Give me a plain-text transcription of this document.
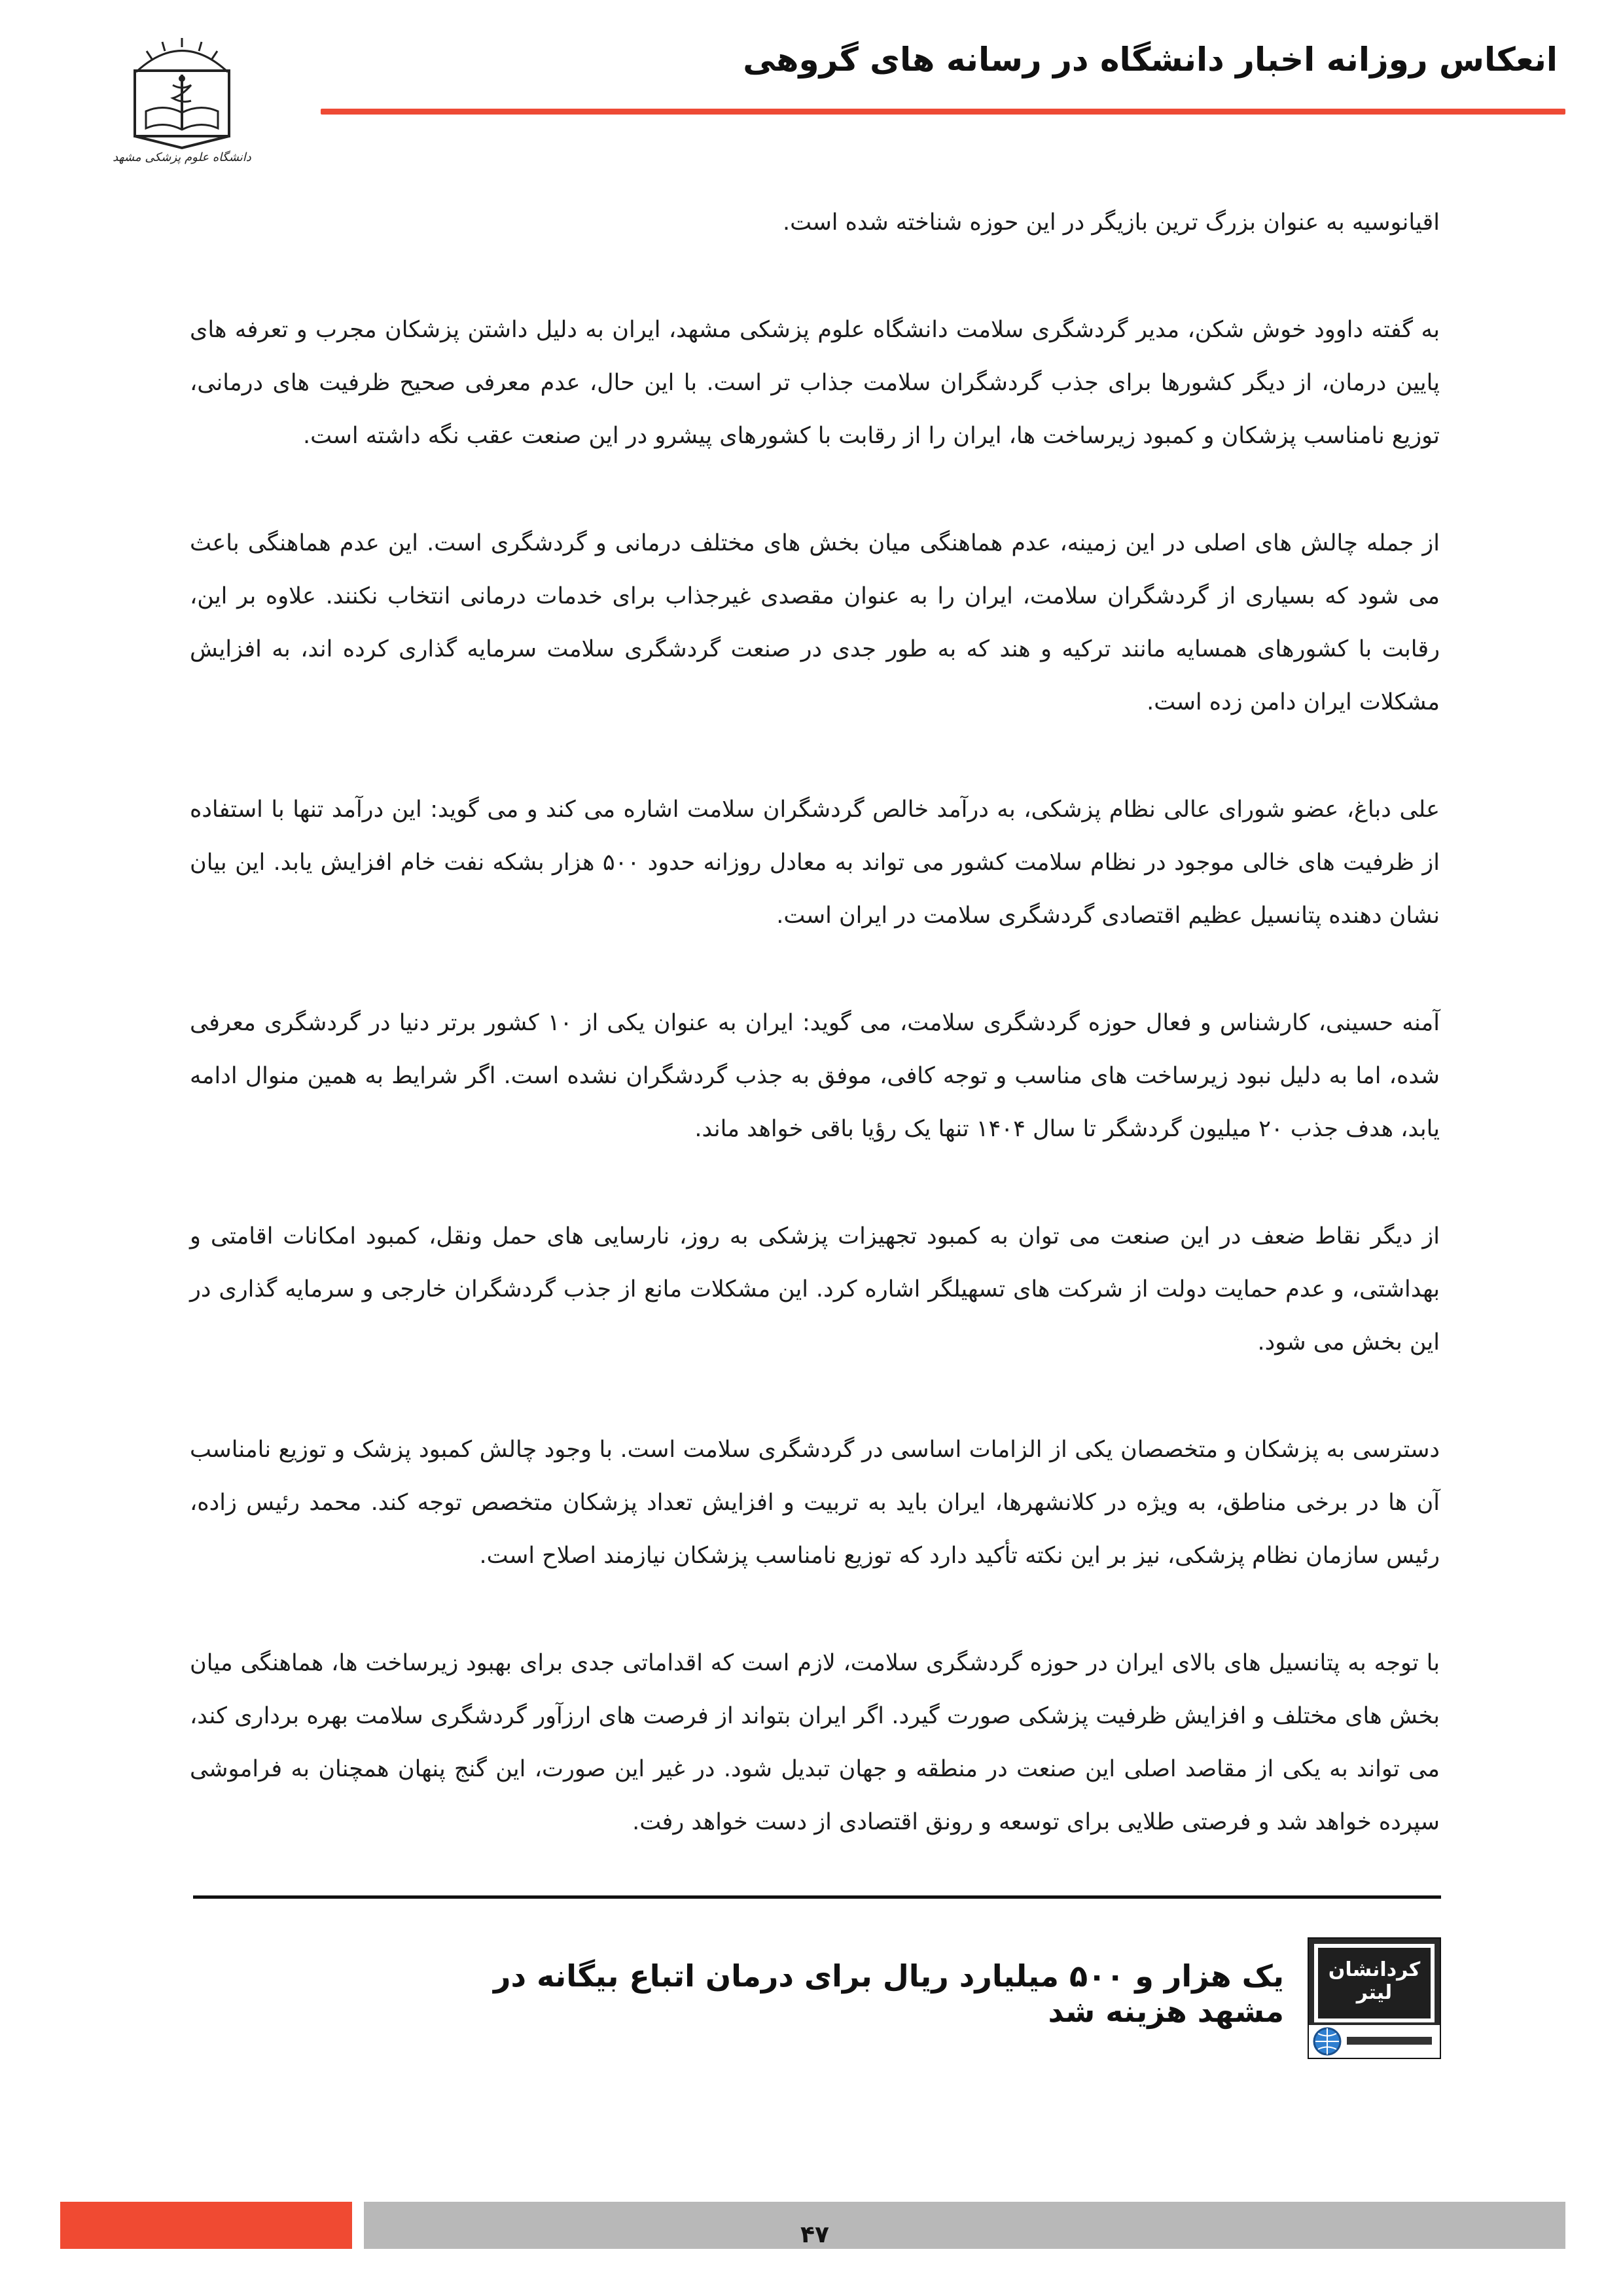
انعکاس روزانه اخبار دانشگاه در رسانه های گروهی
دانشگاه علوم پزشکی مشهد

اقیانوسیه به عنوان بزرگ ترین بازیگر در این حوزه شناخته شده است.

به گفته داوود خوش شکن، مدیر گردشگری سلامت دانشگاه علوم پزشکی مشهد، ایران به دلیل داشتن پزشکان مجرب و تعرفه های پایین درمان، از دیگر کشورها برای جذب گردشگران سلامت جذاب تر است. با این حال، عدم معرفی صحیح ظرفیت های درمانی، توزیع نامناسب پزشکان و کمبود زیرساخت ها، ایران را از رقابت با کشورهای پیشرو در این صنعت عقب نگه داشته است.

از جمله چالش های اصلی در این زمینه، عدم هماهنگی میان بخش های مختلف درمانی و گردشگری است. این عدم هماهنگی باعث می شود که بسیاری از گردشگران سلامت، ایران را به عنوان مقصدی غیرجذاب برای خدمات درمانی انتخاب نکنند. علاوه بر این، رقابت با کشورهای همسایه مانند ترکیه و هند که به طور جدی در صنعت گردشگری سلامت سرمایه گذاری کرده اند، به افزایش مشکلات ایران دامن زده است.

علی دباغ، عضو شورای عالی نظام پزشکی، به درآمد خالص گردشگران سلامت اشاره می کند و می گوید: این درآمد تنها با استفاده از ظرفیت های خالی موجود در نظام سلامت کشور می تواند به معادل روزانه حدود ۵۰۰ هزار بشکه نفت خام افزایش یابد. این بیان نشان دهنده پتانسیل عظیم اقتصادی گردشگری سلامت در ایران است.

آمنه حسینی، کارشناس و فعال حوزه گردشگری سلامت، می گوید: ایران به عنوان یکی از ۱۰ کشور برتر دنیا در گردشگری معرفی شده، اما به دلیل نبود زیرساخت های مناسب و توجه کافی، موفق به جذب گردشگران نشده است. اگر شرایط به همین منوال ادامه یابد، هدف جذب ۲۰ میلیون گردشگر تا سال ۱۴۰۴ تنها یک رؤیا باقی خواهد ماند.

از دیگر نقاط ضعف در این صنعت می توان به کمبود تجهیزات پزشکی به روز، نارسایی های حمل ونقل، کمبود امکانات اقامتی و بهداشتی، و عدم حمایت دولت از شرکت های تسهیلگر اشاره کرد. این مشکلات مانع از جذب گردشگران خارجی و سرمایه گذاری در این بخش می شود.

دسترسی به پزشکان و متخصصان یکی از الزامات اساسی در گردشگری سلامت است. با وجود چالش کمبود پزشک و توزیع نامناسب آن ها در برخی مناطق، به ویژه در کلانشهرها، ایران باید به تربیت و افزایش تعداد پزشکان متخصص توجه کند. محمد رئیس زاده، رئیس سازمان نظام پزشکی، نیز بر این نکته تأکید دارد که توزیع نامناسب پزشکان نیازمند اصلاح است.

با توجه به پتانسیل های بالای ایران در حوزه گردشگری سلامت، لازم است که اقداماتی جدی برای بهبود زیرساخت ها، هماهنگی میان بخش های مختلف و افزایش ظرفیت پزشکی صورت گیرد. اگر ایران بتواند از فرصت های ارزآور گردشگری سلامت بهره برداری کند، می تواند به یکی از مقاصد اصلی این صنعت در منطقه و جهان تبدیل شود. در غیر این صورت، این گنج پنهان همچنان به فراموشی سپرده خواهد شد و فرصتی طلایی برای توسعه و رونق اقتصادی از دست خواهد رفت.

کردانشان لیتر
یک هزار و ۵۰۰ میلیارد ریال برای درمان اتباع بیگانه در مشهد هزینه شد
۴۷
